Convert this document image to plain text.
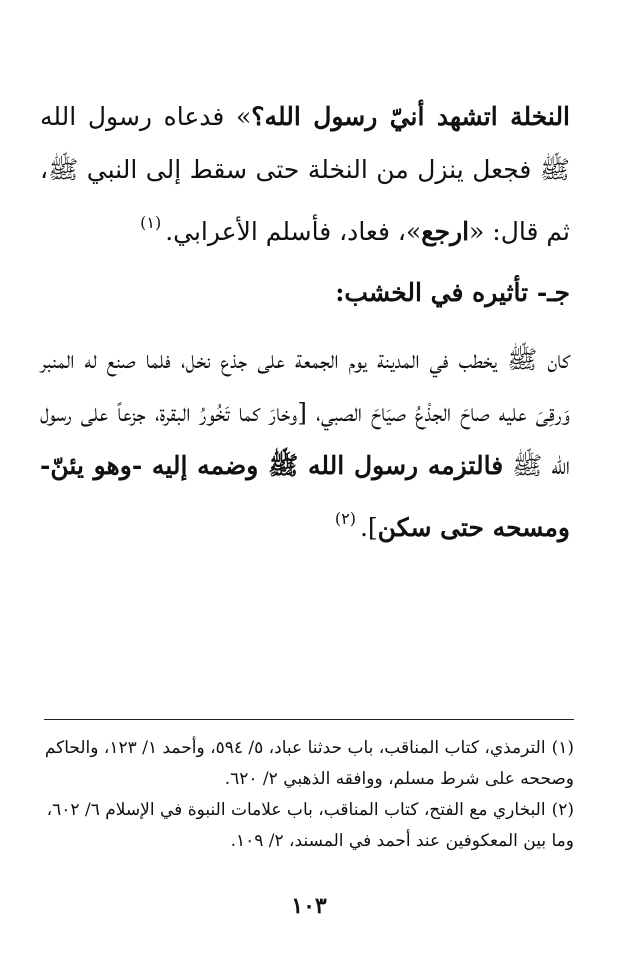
النخلة اتشهد أنيّ رسول الله؟» فدعاه رسول الله ﷺ فجعل ينزل من النخلة حتى سقط إلى النبي ﷺ، ثم قال: «ارجع»، فعاد، فأسلم الأعرابي.$^{(١)}$

جـ- تأثيره في الخشب:

كان ﷺ يخطب في المدينة يوم الجمعة على جذع نخل، فلما صنع له المنبر وَرقِىَ عليه صاحَ الجذْعُ صيَاحَ الصبي، [وخارَ كما تَخُورُ البقرة، جزعاً على رسول الله ﷺ فالتزمه رسول الله ﷺ وضمه إليه -وهو يئنّ- ومسحه حتى سكن].$^{(٢)}$

(١)الترمذي، كتاب المناقب، باب حدثنا عباد، ٥/ ٥٩٤، وأحمد ١/ ١٢٣، والحاكم وصححه على شرط مسلم، ووافقه الذهبي ٢/ ٦٢٠.

(٢)البخاري مع الفتح، كتاب المناقب، باب علامات النبوة في الإسلام ٦/ ٦٠٢، وما بين المعكوفين عند أحمد في المسند، ٢/ ١٠٩.

١٠٣
